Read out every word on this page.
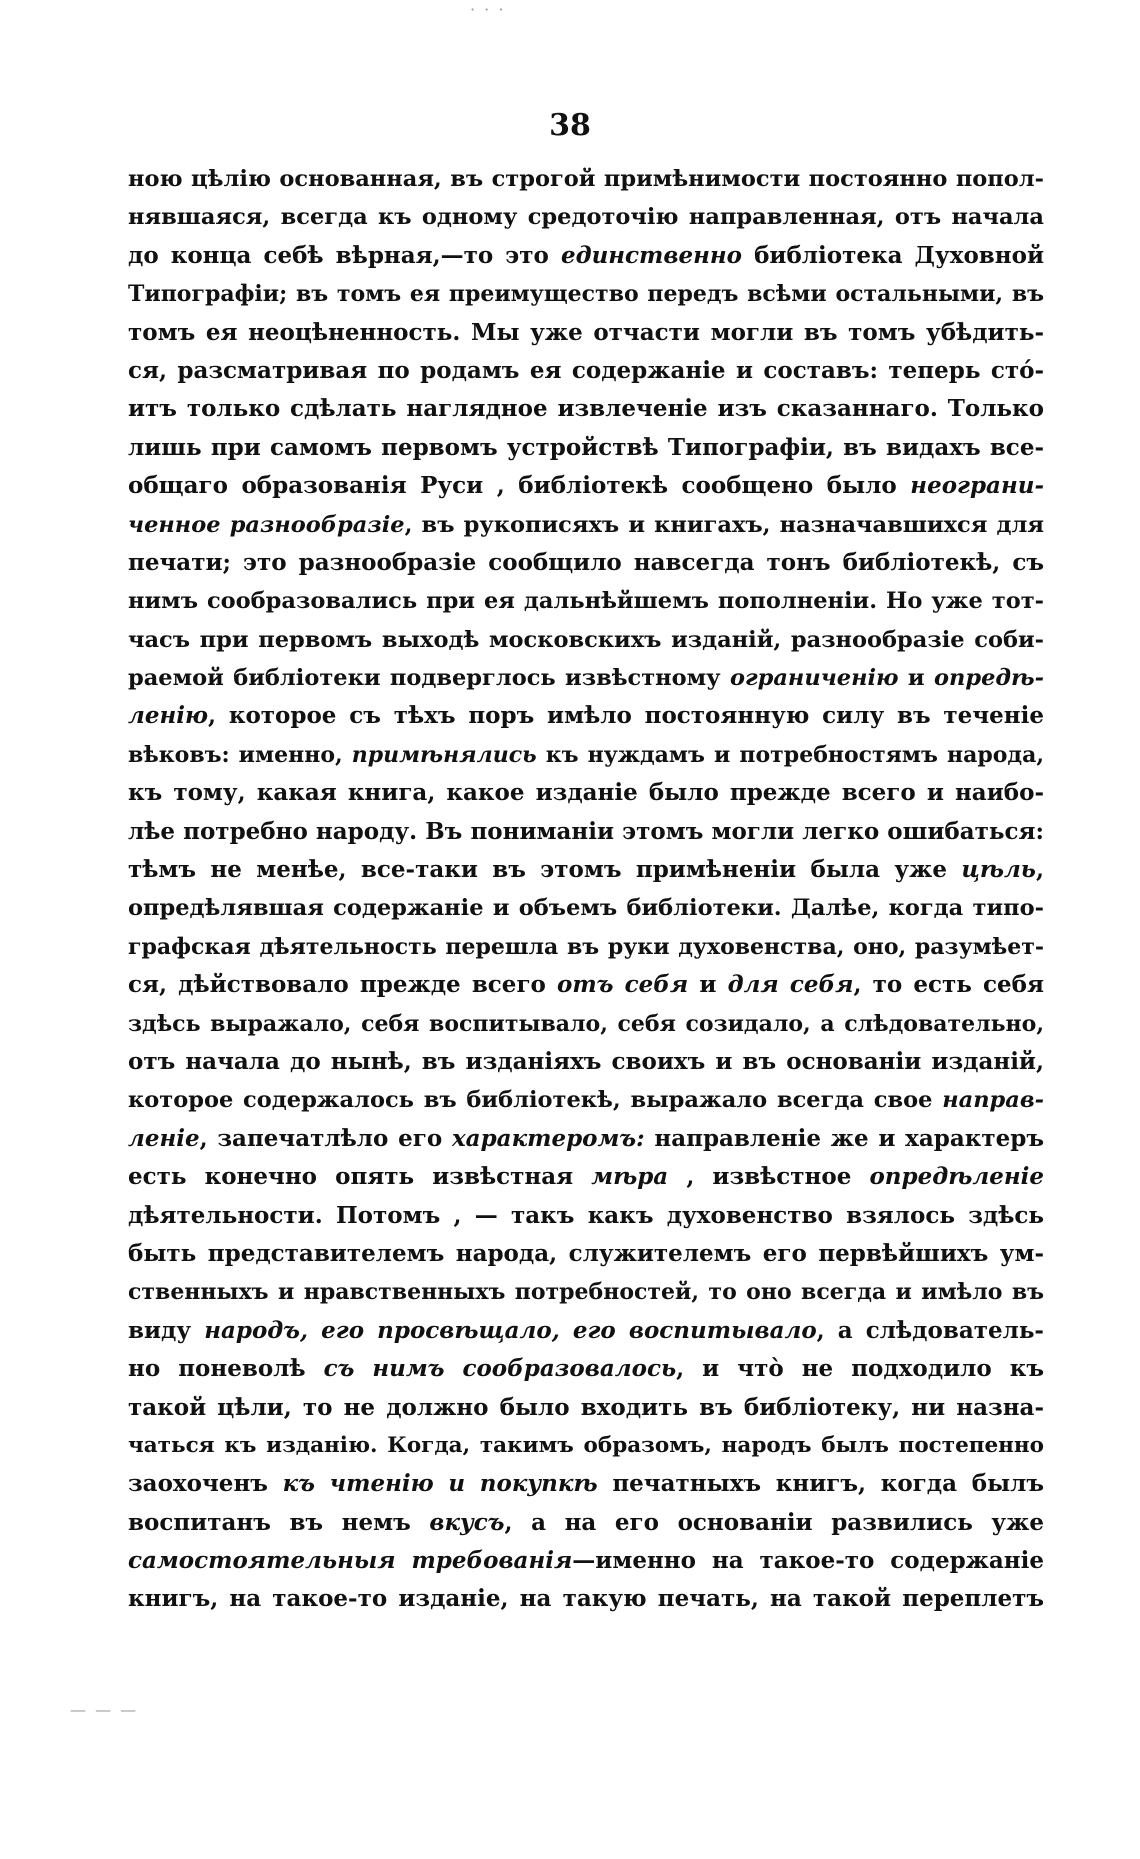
· · ·
— — —
38
ною цѣлію основанная, въ строгой примѣнимости постоянно попол-
нявшаяся, всегда къ одному средоточію направленная, отъ начала
до конца себѣ вѣрная,—то это единственно библіотека Духовной
Типографіи; въ томъ ея преимущество передъ всѣми остальными, въ
томъ ея неоцѣненность. Мы уже отчасти могли въ томъ убѣдить-
ся, разсматривая по родамъ ея содержаніе и составъ: теперь сто́-
итъ только сдѣлать наглядное извлеченіе изъ сказаннаго. Только
лишь при самомъ первомъ устройствѣ Типографіи, въ видахъ все-
общаго образованія Руси , библіотекѣ сообщено было неограни-
ченное разнообразіе, въ рукописяхъ и книгахъ, назначавшихся для
печати; это разнообразіе сообщило навсегда тонъ библіотекѣ, съ
нимъ сообразовались при ея дальнѣйшемъ пополненіи. Но уже тот-
часъ при первомъ выходѣ московскихъ изданій, разнообразіе соби-
раемой библіотеки подверглось извѣстному ограниченію и опредѣ-
ленію, которое съ тѣхъ поръ имѣло постоянную силу въ теченіе
вѣковъ: именно, примѣнялись къ нуждамъ и потребностямъ народа,
къ тому, какая книга, какое изданіе было прежде всего и наибо-
лѣе потребно народу. Въ пониманіи этомъ могли легко ошибаться:
тѣмъ не менѣе, все-таки въ этомъ примѣненіи была уже цѣль,
опредѣлявшая содержаніе и объемъ библіотеки. Далѣе, когда типо-
графская дѣятельность перешла въ руки духовенства, оно, разумѣет-
ся, дѣйствовало прежде всего отъ себя и для себя, то есть себя
здѣсь выражало, себя воспитывало, себя созидало, а слѣдовательно,
отъ начала до нынѣ, въ изданіяхъ своихъ и въ основаніи изданій,
которое содержалось въ библіотекѣ, выражало всегда свое направ-
леніе, запечатлѣло его характеромъ: направленіе же и характеръ
есть конечно опять извѣстная мѣра , извѣстное опредѣленіе
дѣятельности. Потомъ , — такъ какъ духовенство взялось здѣсь
быть представителемъ народа, служителемъ его первѣйшихъ ум-
ственныхъ и нравственныхъ потребностей, то оно всегда и имѣло въ
виду народъ, его просвѣщало, его воспитывало, а слѣдователь-
но поневолѣ съ нимъ сообразовалось, и что̀ не подходило къ
такой цѣли, то не должно было входить въ библіотеку, ни назна-
чаться къ изданію. Когда, такимъ образомъ, народъ былъ постепенно
заохоченъ къ чтенію и покупкѣ печатныхъ книгъ, когда былъ
воспитанъ въ немъ вкусъ, а на его основаніи развились уже
самостоятельныя требованія—именно на такое-то содержаніе
книгъ, на такое-то изданіе, на такую печать, на такой переплетъ
